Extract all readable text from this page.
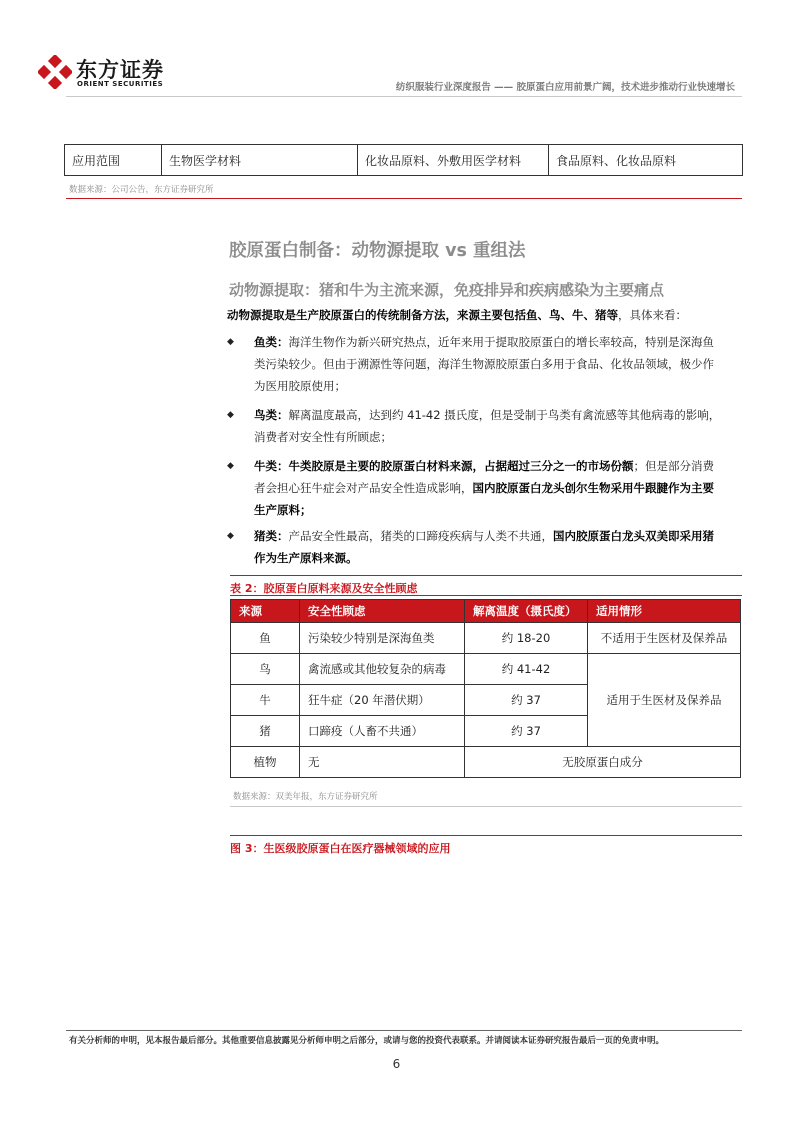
东方证券
ORIENT SECURITIES	纺织服装行业深度报告 —— 胶原蛋白应用前景广阔，技术进步推动行业快速增长
应用范围	生物医学材料	化妆品原料、外敷用医学材料	食品原料、化妆品原料
数据来源：公司公告，东方证券研究所
胶原蛋白制备：动物源提取 vs 重组法
动物源提取：猪和牛为主流来源，免疫排异和疾病感染为主要痛点
动物源提取是生产胶原蛋白的传统制备方法，来源主要包括鱼、鸟、牛、猪等，具体来看：
◆ 鱼类：海洋生物作为新兴研究热点，近年来用于提取胶原蛋白的增长率较高，特别是深海鱼
类污染较少。但由于溯源性等问题，海洋生物源胶原蛋白多用于食品、化妆品领域，极少作
为医用胶原使用；
◆ 鸟类：解离温度最高，达到约 41-42 摄氏度，但是受制于鸟类有禽流感等其他病毒的影响，
消费者对安全性有所顾虑；
◆ 牛类：牛类胶原是主要的胶原蛋白材料来源，占据超过三分之一的市场份额；但是部分消费
者会担心狂牛症会对产品安全性造成影响，国内胶原蛋白龙头创尔生物采用牛跟腱作为主要
生产原料；
◆ 猪类：产品安全性最高，猪类的口蹄疫疾病与人类不共通，国内胶原蛋白龙头双美即采用猪
作为生产原料来源。
表 2：胶原蛋白原料来源及安全性顾虑
来源	安全性顾虑	解离温度（摄氏度）	适用情形
鱼	污染较少特别是深海鱼类	约 18-20	不适用于生医材及保养品
鸟	禽流感或其他较复杂的病毒	约 41-42	适用于生医材及保养品
牛	狂牛症（20 年潜伏期）	约 37	
猪	口蹄疫（人畜不共通）	约 37	
植物	无	无胶原蛋白成分	
数据来源：双美年报，东方证券研究所
图 3：生医级胶原蛋白在医疗器械领域的应用
有关分析师的申明，见本报告最后部分。其他重要信息披露见分析师申明之后部分，或请与您的投资代表联系。并请阅读本证券研究报告最后一页的免责申明。
6
